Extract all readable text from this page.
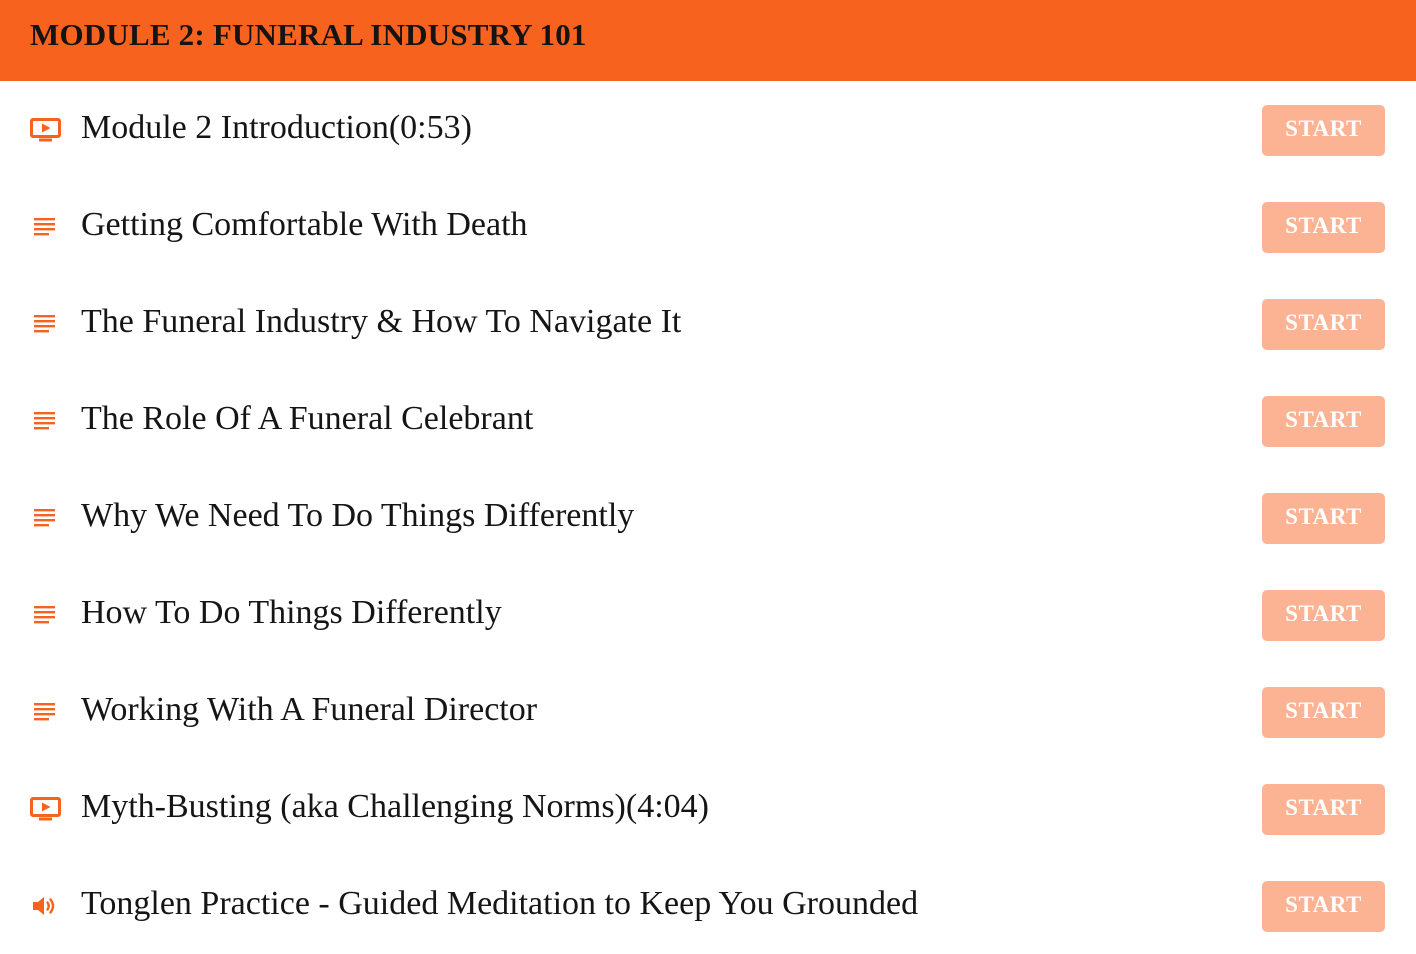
MODULE 2: FUNERAL INDUSTRY 101
Module 2 Introduction(0:53)	START
Getting Comfortable With Death	START
The Funeral Industry & How To Navigate It	START
The Role Of A Funeral Celebrant	START
Why We Need To Do Things Differently	START
How To Do Things Differently	START
Working With A Funeral Director	START
Myth-Busting (aka Challenging Norms)(4:04)	START
Tonglen Practice - Guided Meditation to Keep You Grounded	START
